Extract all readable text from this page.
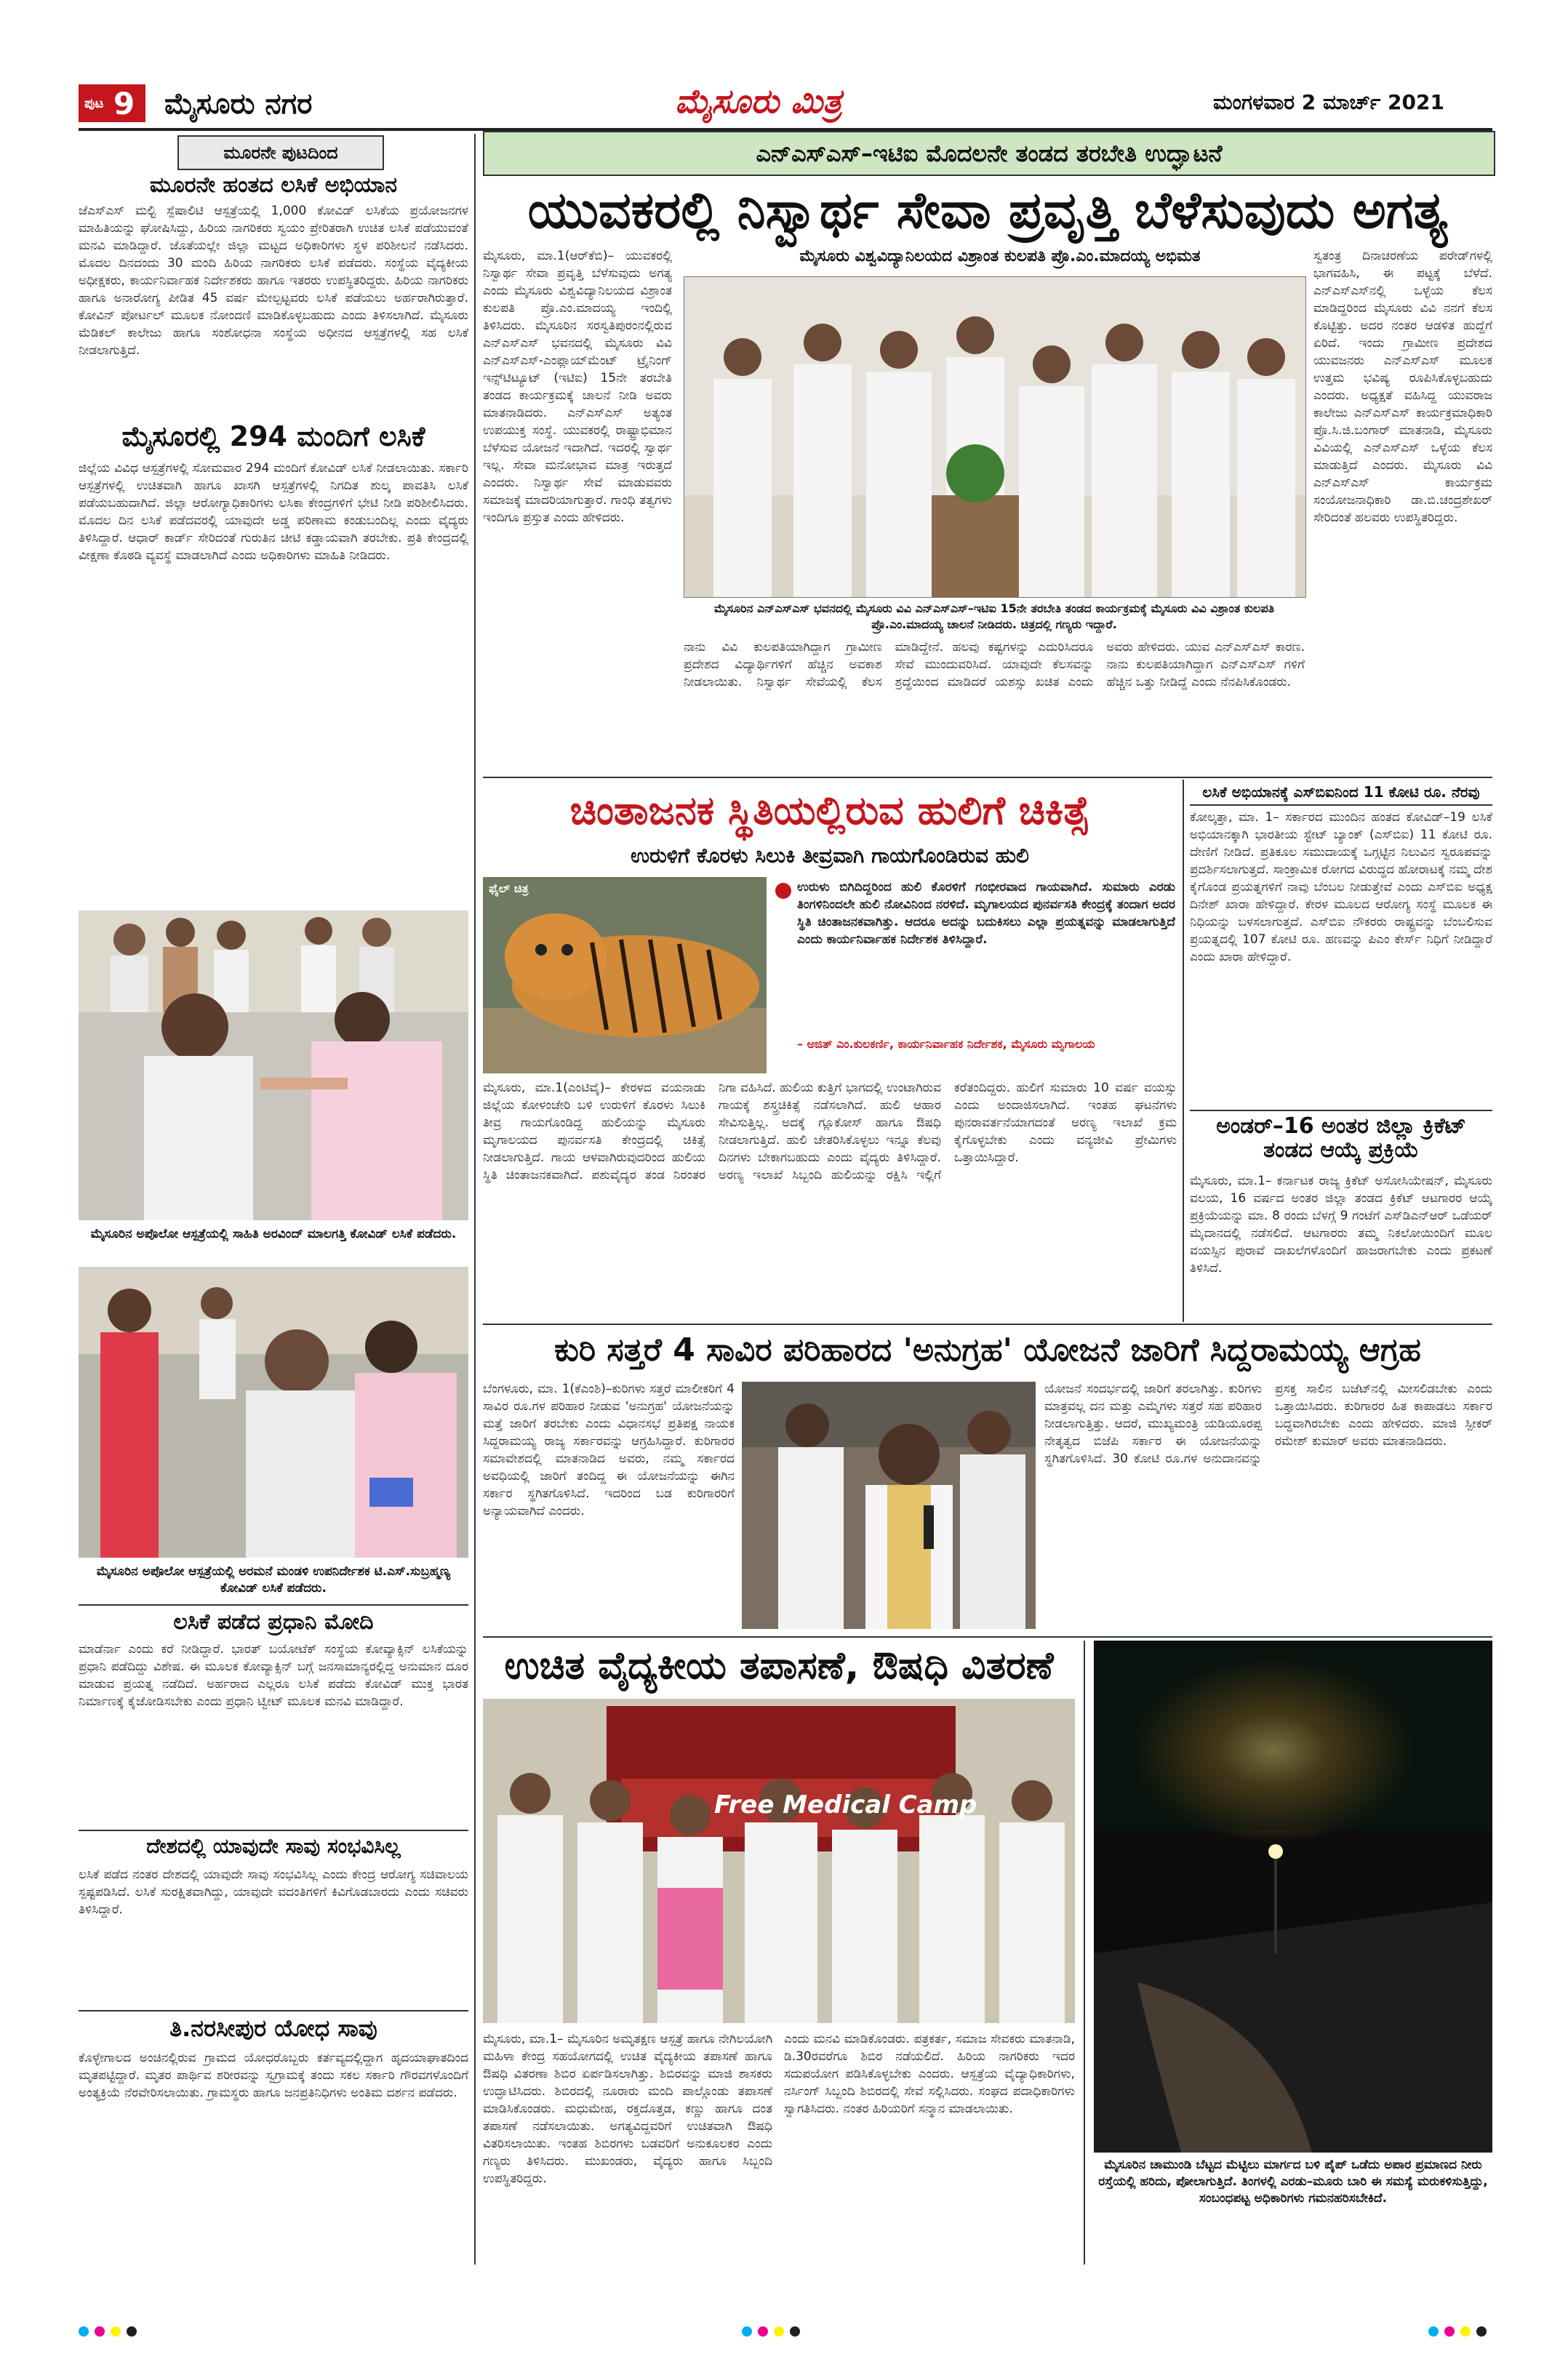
ಪುಟ 9 ಮೈಸೂರು ನಗರ	ಮೈಸೂರು ಮಿತ್ರ	ಮಂಗಳವಾರ 2 ಮಾರ್ಚ್ 2021
ಮೂರನೇ ಪುಟದಿಂದ
ಮೂರನೇ ಹಂತದ ಲಸಿಕೆ ಅಭಿಯಾನ
ಜೆಎಸ್‌ಎಸ್ ಮಲ್ಟಿ ಸ್ಪೆಷಾಲಿಟಿ ಆಸ್ಪತ್ರೆಯಲ್ಲಿ 1,000 ಕೋವಿಡ್ ಲಸಿಕೆಯ ಪ್ರಯೋಜನಗಳ ಮಾಹಿತಿಯನ್ನು ಘೋಷಿಸಿದ್ದು, ಹಿರಿಯ ನಾಗರಿಕರು ಸ್ವಯಂ ಪ್ರೇರಿತರಾಗಿ ಉಚಿತ ಲಸಿಕೆ ಪಡೆಯುವಂತೆ ಮನವಿ ಮಾಡಿದ್ದಾರೆ. ಜೊತೆಯಲ್ಲೇ ಜಿಲ್ಲಾ ಮಟ್ಟದ ಅಧಿಕಾರಿಗಳು ಸ್ಥಳ ಪರಿಶೀಲನೆ ನಡೆಸಿದರು. ಮೊದಲ ದಿನದಂದು 30 ಮಂದಿ ಹಿರಿಯ ನಾಗರಿಕರು ಲಸಿಕೆ ಪಡೆದರು. ಸಂಸ್ಥೆಯ ವೈದ್ಯಕೀಯ ಅಧೀಕ್ಷಕರು, ಕಾರ್ಯನಿರ್ವಾಹಕ ನಿರ್ದೇಶಕರು ಹಾಗೂ ಇತರರು ಉಪಸ್ಥಿತರಿದ್ದರು. ಹಿರಿಯ ನಾಗರಿಕರು ಹಾಗೂ ಅನಾರೋಗ್ಯ ಪೀಡಿತ 45 ವರ್ಷ ಮೇಲ್ಪಟ್ಟವರು ಲಸಿಕೆ ಪಡೆಯಲು ಅರ್ಹರಾಗಿರುತ್ತಾರೆ. ಕೋವಿನ್ ಪೋರ್ಟಲ್ ಮೂಲಕ ನೋಂದಣಿ ಮಾಡಿಕೊಳ್ಳಬಹುದು ಎಂದು ತಿಳಿಸಲಾಗಿದೆ. ಮೈಸೂರು ಮೆಡಿಕಲ್ ಕಾಲೇಜು ಹಾಗೂ ಸಂಶೋಧನಾ ಸಂಸ್ಥೆಯ ಅಧೀನದ ಆಸ್ಪತ್ರೆಗಳಲ್ಲಿ ಸಹ ಲಸಿಕೆ ನೀಡಲಾಗುತ್ತಿದೆ.
ಮೈಸೂರಲ್ಲಿ 294 ಮಂದಿಗೆ ಲಸಿಕೆ
ಜಿಲ್ಲೆಯ ವಿವಿಧ ಆಸ್ಪತ್ರೆಗಳಲ್ಲಿ ಸೋಮವಾರ 294 ಮಂದಿಗೆ ಕೋವಿಡ್ ಲಸಿಕೆ ನೀಡಲಾಯಿತು. ಸರ್ಕಾರಿ ಆಸ್ಪತ್ರೆಗಳಲ್ಲಿ ಉಚಿತವಾಗಿ ಹಾಗೂ ಖಾಸಗಿ ಆಸ್ಪತ್ರೆಗಳಲ್ಲಿ ನಿಗದಿತ ಶುಲ್ಕ ಪಾವತಿಸಿ ಲಸಿಕೆ ಪಡೆಯಬಹುದಾಗಿದೆ. ಜಿಲ್ಲಾ ಆರೋಗ್ಯಾಧಿಕಾರಿಗಳು ಲಸಿಕಾ ಕೇಂದ್ರಗಳಿಗೆ ಭೇಟಿ ನೀಡಿ ಪರಿಶೀಲಿಸಿದರು. ಮೊದಲ ದಿನ ಲಸಿಕೆ ಪಡೆದವರಲ್ಲಿ ಯಾವುದೇ ಅಡ್ಡ ಪರಿಣಾಮ ಕಂಡುಬಂದಿಲ್ಲ ಎಂದು ವೈದ್ಯರು ತಿಳಿಸಿದ್ದಾರೆ. ಆಧಾರ್ ಕಾರ್ಡ್ ಸೇರಿದಂತೆ ಗುರುತಿನ ಚೀಟಿ ಕಡ್ಡಾಯವಾಗಿ ತರಬೇಕು. ಪ್ರತಿ ಕೇಂದ್ರದಲ್ಲಿ ವೀಕ್ಷಣಾ ಕೊಠಡಿ ವ್ಯವಸ್ಥೆ ಮಾಡಲಾಗಿದೆ ಎಂದು ಅಧಿಕಾರಿಗಳು ಮಾಹಿತಿ ನೀಡಿದರು.
ಮೈಸೂರಿನ ಅಪೊಲೋ ಆಸ್ಪತ್ರೆಯಲ್ಲಿ ಸಾಹಿತಿ ಅರವಿಂದ್ ಮಾಲಗತ್ತಿ ಕೋವಿಡ್ ಲಸಿಕೆ ಪಡೆದರು.
ಮೈಸೂರಿನ ಅಪೊಲೋ ಆಸ್ಪತ್ರೆಯಲ್ಲಿ ಅರಮನೆ ಮಂಡಳಿ ಉಪನಿರ್ದೇಶಕ ಟಿ.ಎಸ್.ಸುಬ್ರಹ್ಮಣ್ಯ ಕೋವಿಡ್ ಲಸಿಕೆ ಪಡೆದರು.
ಲಸಿಕೆ ಪಡೆದ ಪ್ರಧಾನಿ ಮೋದಿ
ಮಾಡೆರ್ನಾ ಎಂದು ಕರೆ ನೀಡಿದ್ದಾರೆ. ಭಾರತ್ ಬಯೋಟೆಕ್ ಸಂಸ್ಥೆಯ ಕೋವ್ಯಾಕ್ಸಿನ್ ಲಸಿಕೆಯನ್ನು ಪ್ರಧಾನಿ ಪಡೆದಿದ್ದು ವಿಶೇಷ. ಈ ಮೂಲಕ ಕೋವ್ಯಾಕ್ಸಿನ್ ಬಗ್ಗೆ ಜನಸಾಮಾನ್ಯರಲ್ಲಿದ್ದ ಅನುಮಾನ ದೂರ ಮಾಡುವ ಪ್ರಯತ್ನ ನಡೆದಿದೆ. ಅರ್ಹರಾದ ಎಲ್ಲರೂ ಲಸಿಕೆ ಪಡೆದು ಕೋವಿಡ್ ಮುಕ್ತ ಭಾರತ ನಿರ್ಮಾಣಕ್ಕೆ ಕೈಜೋಡಿಸಬೇಕು ಎಂದು ಪ್ರಧಾನಿ ಟ್ವೀಟ್ ಮೂಲಕ ಮನವಿ ಮಾಡಿದ್ದಾರೆ.
ದೇಶದಲ್ಲಿ ಯಾವುದೇ ಸಾವು ಸಂಭವಿಸಿಲ್ಲ
ಲಸಿಕೆ ಪಡೆದ ನಂತರ ದೇಶದಲ್ಲಿ ಯಾವುದೇ ಸಾವು ಸಂಭವಿಸಿಲ್ಲ ಎಂದು ಕೇಂದ್ರ ಆರೋಗ್ಯ ಸಚಿವಾಲಯ ಸ್ಪಷ್ಟಪಡಿಸಿದೆ. ಲಸಿಕೆ ಸುರಕ್ಷಿತವಾಗಿದ್ದು, ಯಾವುದೇ ವದಂತಿಗಳಿಗೆ ಕಿವಿಗೊಡಬಾರದು ಎಂದು ಸಚಿವರು ತಿಳಿಸಿದ್ದಾರೆ.
ತಿ.ನರಸೀಪುರ ಯೋಧ ಸಾವು
ಕೊಳ್ಳೇಗಾಲದ ಅಂಚಿನಲ್ಲಿರುವ ಗ್ರಾಮದ ಯೋಧರೊಬ್ಬರು ಕರ್ತವ್ಯದಲ್ಲಿದ್ದಾಗ ಹೃದಯಾಘಾತದಿಂದ ಮೃತಪಟ್ಟಿದ್ದಾರೆ. ಮೃತರ ಪಾರ್ಥಿವ ಶರೀರವನ್ನು ಸ್ವಗ್ರಾಮಕ್ಕೆ ತಂದು ಸಕಲ ಸರ್ಕಾರಿ ಗೌರವಗಳೊಂದಿಗೆ ಅಂತ್ಯಕ್ರಿಯೆ ನೆರವೇರಿಸಲಾಯಿತು. ಗ್ರಾಮಸ್ಥರು ಹಾಗೂ ಜನಪ್ರತಿನಿಧಿಗಳು ಅಂತಿಮ ದರ್ಶನ ಪಡೆದರು.
ಎನ್‌ಎಸ್‌ಎಸ್–ಇಟಿಐ ಮೊದಲನೇ ತಂಡದ ತರಬೇತಿ ಉದ್ಘಾಟನೆ
ಯುವಕರಲ್ಲಿ ನಿಸ್ವಾರ್ಥ ಸೇವಾ ಪ್ರವೃತ್ತಿ ಬೆಳೆಸುವುದು ಅಗತ್ಯ
ಮೈಸೂರು ವಿಶ್ವವಿದ್ಯಾನಿಲಯದ ವಿಶ್ರಾಂತ ಕುಲಪತಿ ಪ್ರೊ.ಎಂ.ಮಾದಯ್ಯ ಅಭಿಮತ
ಮೈಸೂರು, ಮಾ.1(ಆರ್‌ಕೆಬಿ)– ಯುವಕರಲ್ಲಿ ನಿಸ್ವಾರ್ಥ ಸೇವಾ ಪ್ರವೃತ್ತಿ ಬೆಳೆಸುವುದು ಅಗತ್ಯ ಎಂದು ಮೈಸೂರು ವಿಶ್ವವಿದ್ಯಾನಿಲಯದ ವಿಶ್ರಾಂತ ಕುಲಪತಿ ಪ್ರೊ.ಎಂ.ಮಾದಯ್ಯ ಇಂದಿಲ್ಲಿ ತಿಳಿಸಿದರು. ಮೈಸೂರಿನ ಸರಸ್ವತಿಪುರಂನಲ್ಲಿರುವ ಎನ್‌ಎಸ್‌ಎಸ್ ಭವನದಲ್ಲಿ ಮೈಸೂರು ವಿವಿ ಎನ್‌ಎಸ್‌ಎಸ್-ಎಂಪ್ಲಾಯ್‌ಮೆಂಟ್ ಟ್ರೈನಿಂಗ್ ಇನ್ಸ್‌ಟಿಟ್ಯೂಟ್ (ಇಟಿಐ) 15ನೇ ತರಬೇತಿ ತಂಡದ ಕಾರ್ಯಕ್ರಮಕ್ಕೆ ಚಾಲನೆ ನೀಡಿ ಅವರು ಮಾತನಾಡಿದರು. ಎನ್‌ಎಸ್‌ಎಸ್ ಅತ್ಯಂತ ಉಪಯುಕ್ತ ಸಂಸ್ಥೆ. ಯುವಕರಲ್ಲಿ ರಾಷ್ಟ್ರಾಭಿಮಾನ ಬೆಳೆಸುವ ಯೋಜನೆ ಇದಾಗಿದೆ. ಇದರಲ್ಲಿ ಸ್ವಾರ್ಥ ಇಲ್ಲ. ಸೇವಾ ಮನೋಭಾವ ಮಾತ್ರ ಇರುತ್ತದೆ ಎಂದರು. ನಿಸ್ವಾರ್ಥ ಸೇವೆ ಮಾಡುವವರು ಸಮಾಜಕ್ಕೆ ಮಾದರಿಯಾಗುತ್ತಾರೆ. ಗಾಂಧಿ ತತ್ವಗಳು ಇಂದಿಗೂ ಪ್ರಸ್ತುತ ಎಂದು ಹೇಳಿದರು.
ಮೈಸೂರಿನ ಎನ್‌ಎಸ್‌ಎಸ್ ಭವನದಲ್ಲಿ ಮೈಸೂರು ವಿವಿ ಎನ್‌ಎಸ್‌ಎಸ್–ಇಟಿಐ 15ನೇ ತರಬೇತಿ ತಂಡದ ಕಾರ್ಯಕ್ರಮಕ್ಕೆ ಮೈಸೂರು ವಿವಿ ವಿಶ್ರಾಂತ ಕುಲಪತಿ ಪ್ರೊ.ಎಂ.ಮಾದಯ್ಯ ಚಾಲನೆ ನೀಡಿದರು. ಚಿತ್ರದಲ್ಲಿ ಗಣ್ಯರು ಇದ್ದಾರೆ.
ನಾನು ವಿವಿ ಕುಲಪತಿಯಾಗಿದ್ದಾಗ ಗ್ರಾಮೀಣ ಪ್ರದೇಶದ ವಿದ್ಯಾರ್ಥಿಗಳಿಗೆ ಹೆಚ್ಚಿನ ಅವಕಾಶ ನೀಡಲಾಯಿತು. ನಿಸ್ವಾರ್ಥ ಸೇವೆಯಲ್ಲಿ ಕೆಲಸ ಮಾಡಿದ್ದೇನೆ. ಹಲವು ಕಷ್ಟಗಳನ್ನು ಎದುರಿಸಿದರೂ ಸೇವೆ ಮುಂದುವರಿಸಿದೆ. ಯಾವುದೇ ಕೆಲಸವನ್ನು ಶ್ರದ್ಧೆಯಿಂದ ಮಾಡಿದರೆ ಯಶಸ್ಸು ಖಚಿತ ಎಂದು ಅವರು ಹೇಳಿದರು. ಯುವ ಎನ್‌ಎಸ್‌ಎಸ್ ಕಾರಣ. ನಾನು ಕುಲಪತಿಯಾಗಿದ್ದಾಗ ಎನ್‌ಎಸ್‌ಎಸ್ ಗಳಿಗೆ ಹೆಚ್ಚಿನ ಒತ್ತು ನೀಡಿದ್ದೆ ಎಂದು ನೆನಪಿಸಿಕೊಂಡರು.
ಸ್ವತಂತ್ರ ದಿನಾಚರಣೆಯ ಪರೇಡ್‌ಗಳಲ್ಲಿ ಭಾಗವಹಿಸಿ, ಈ ಪಟ್ಟಕ್ಕೆ ಬೆಳೆದೆ. ಎನ್‌ಎಸ್‌ಎಸ್‌ನಲ್ಲಿ ಒಳ್ಳೆಯ ಕೆಲಸ ಮಾಡಿದ್ದರಿಂದ ಮೈಸೂರು ವಿವಿ ನನಗೆ ಕೆಲಸ ಕೊಟ್ಟಿತ್ತು. ಅದರ ನಂತರ ಆಡಳಿತ ಹುದ್ದೆಗೆ ಏರಿದೆ. ಇಂದು ಗ್ರಾಮೀಣ ಪ್ರದೇಶದ ಯುವಜನರು ಎನ್‌ಎಸ್‌ಎಸ್ ಮೂಲಕ ಉತ್ತಮ ಭವಿಷ್ಯ ರೂಪಿಸಿಕೊಳ್ಳಬಹುದು ಎಂದರು. ಅಧ್ಯಕ್ಷತೆ ವಹಿಸಿದ್ದ ಯುವರಾಜ ಕಾಲೇಜು ಎನ್‌ಎಸ್‌ಎಸ್ ಕಾರ್ಯಕ್ರಮಾಧಿಕಾರಿ ಪ್ರೊ.ಸಿ.ಜಿ.ಬಂಗಾರ್ ಮಾತನಾಡಿ, ಮೈಸೂರು ವಿವಿಯಲ್ಲಿ ಎನ್‌ಎಸ್‌ಎಸ್ ಒಳ್ಳೆಯ ಕೆಲಸ ಮಾಡುತ್ತಿದೆ ಎಂದರು. ಮೈಸೂರು ವಿವಿ ಎನ್‌ಎಸ್‌ಎಸ್ ಕಾರ್ಯಕ್ರಮ ಸಂಯೋಜನಾಧಿಕಾರಿ ಡಾ.ಬಿ.ಚಂದ್ರಶೇಖರ್ ಸೇರಿದಂತೆ ಹಲವರು ಉಪಸ್ಥಿತರಿದ್ದರು.
ಚಿಂತಾಜನಕ ಸ್ಥಿತಿಯಲ್ಲಿರುವ ಹುಲಿಗೆ ಚಿಕಿತ್ಸೆ
ಉರುಳಿಗೆ ಕೊರಳು ಸಿಲುಕಿ ತೀವ್ರವಾಗಿ ಗಾಯಗೊಂಡಿರುವ ಹುಲಿ
ಫೈಲ್ ಚಿತ್ರ	ಉರುಳು ಬಿಗಿದಿದ್ದರಿಂದ ಹುಲಿ ಕೊರಳಿಗೆ ಗಂಭೀರವಾದ ಗಾಯವಾಗಿದೆ. ಸುಮಾರು ಎರಡು ತಿಂಗಳಿನಿಂದಲೇ ಹುಲಿ ನೋವಿನಿಂದ ನರಳಿದೆ. ಮೃಗಾಲಯದ ಪುನರ್ವಸತಿ ಕೇಂದ್ರಕ್ಕೆ ತಂದಾಗ ಅದರ ಸ್ಥಿತಿ ಚಿಂತಾಜನಕವಾಗಿತ್ತು. ಆದರೂ ಅದನ್ನು ಬದುಕಿಸಲು ಎಲ್ಲಾ ಪ್ರಯತ್ನವನ್ನು ಮಾಡಲಾಗುತ್ತಿದೆ ಎಂದು ಕಾರ್ಯನಿರ್ವಾಹಕ ನಿರ್ದೇಶಕ ತಿಳಿಸಿದ್ದಾರೆ.
– ಅಜಿತ್ ಎಂ.ಕುಲಕರ್ಣಿ, ಕಾರ್ಯನಿರ್ವಾಹಕ ನಿರ್ದೇಶಕ, ಮೈಸೂರು ಮೃಗಾಲಯ
ಮೈಸೂರು, ಮಾ.1(ಎಂಟಿವೈ)– ಕೇರಳದ ವಯನಾಡು ಜಿಲ್ಲೆಯ ಕೋಳಂಚೇರಿ ಬಳಿ ಉರುಳಿಗೆ ಕೊರಳು ಸಿಲುಕಿ ತೀವ್ರ ಗಾಯಗೊಂಡಿದ್ದ ಹುಲಿಯನ್ನು ಮೈಸೂರು ಮೃಗಾಲಯದ ಪುನರ್ವಸತಿ ಕೇಂದ್ರದಲ್ಲಿ ಚಿಕಿತ್ಸೆ ನೀಡಲಾಗುತ್ತಿದೆ. ಗಾಯ ಆಳವಾಗಿರುವುದರಿಂದ ಹುಲಿಯ ಸ್ಥಿತಿ ಚಿಂತಾಜನಕವಾಗಿದೆ. ಪಶುವೈದ್ಯರ ತಂಡ ನಿರಂತರ ನಿಗಾ ವಹಿಸಿದೆ. ಹುಲಿಯ ಕುತ್ತಿಗೆ ಭಾಗದಲ್ಲಿ ಉಂಟಾಗಿರುವ ಗಾಯಕ್ಕೆ ಶಸ್ತ್ರಚಿಕಿತ್ಸೆ ನಡೆಸಲಾಗಿದೆ. ಹುಲಿ ಆಹಾರ ಸೇವಿಸುತ್ತಿಲ್ಲ. ಅದಕ್ಕೆ ಗ್ಲೂಕೋಸ್ ಹಾಗೂ ಔಷಧಿ ನೀಡಲಾಗುತ್ತಿದೆ. ಹುಲಿ ಚೇತರಿಸಿಕೊಳ್ಳಲು ಇನ್ನೂ ಕೆಲವು ದಿನಗಳು ಬೇಕಾಗಬಹುದು ಎಂದು ವೈದ್ಯರು ತಿಳಿಸಿದ್ದಾರೆ. ಅರಣ್ಯ ಇಲಾಖೆ ಸಿಬ್ಬಂದಿ ಹುಲಿಯನ್ನು ರಕ್ಷಿಸಿ ಇಲ್ಲಿಗೆ ಕರೆತಂದಿದ್ದರು. ಹುಲಿಗೆ ಸುಮಾರು 10 ವರ್ಷ ವಯಸ್ಸು ಎಂದು ಅಂದಾಜಿಸಲಾಗಿದೆ. ಇಂತಹ ಘಟನೆಗಳು ಪುನರಾವರ್ತನೆಯಾಗದಂತೆ ಅರಣ್ಯ ಇಲಾಖೆ ಕ್ರಮ ಕೈಗೊಳ್ಳಬೇಕು ಎಂದು ವನ್ಯಜೀವಿ ಪ್ರೇಮಿಗಳು ಒತ್ತಾಯಿಸಿದ್ದಾರೆ.
ಲಸಿಕೆ ಅಭಿಯಾನಕ್ಕೆ ಎಸ್‌ಬಿಐನಿಂದ 11 ಕೋಟಿ ರೂ. ನೆರವು
ಕೋಲ್ಕತ್ತಾ, ಮಾ. 1– ಸರ್ಕಾರದ ಮುಂದಿನ ಹಂತದ ಕೋವಿಡ್–19 ಲಸಿಕೆ ಅಭಿಯಾನಕ್ಕಾಗಿ ಭಾರತೀಯ ಸ್ಟೇಟ್ ಬ್ಯಾಂಕ್ (ಎಸ್‌ಬಿಐ) 11 ಕೋಟಿ ರೂ. ದೇಣಿಗೆ ನೀಡಿದೆ. ಪ್ರತಿಕೂಲ ಸಮುದಾಯಕ್ಕೆ ಒಗ್ಗಟ್ಟಿನ ನಿಲುವಿನ ಸ್ವರೂಪವನ್ನು ಪ್ರದರ್ಶಿಸಲಾಗುತ್ತದೆ. ಸಾಂಕ್ರಾಮಿಕ ರೋಗದ ವಿರುದ್ಧದ ಹೋರಾಟಕ್ಕೆ ನಮ್ಮ ದೇಶ ಕೈಗೊಂಡ ಪ್ರಯತ್ನಗಳಿಗೆ ನಾವು ಬೆಂಬಲ ನೀಡುತ್ತೇವೆ ಎಂದು ಎಸ್‌ಬಿಐ ಅಧ್ಯಕ್ಷ ದಿನೇಶ್ ಖಾರಾ ಹೇಳಿದ್ದಾರೆ. ಕೇರಳ ಮೂಲದ ಆರೋಗ್ಯ ಸಂಸ್ಥೆ ಮೂಲಕ ಈ ನಿಧಿಯನ್ನು ಬಳಸಲಾಗುತ್ತದೆ. ಎಸ್‌ಬಿಐ ನೌಕರರು ರಾಷ್ಟ್ರವನ್ನು ಬೆಂಬಲಿಸುವ ಪ್ರಯತ್ನದಲ್ಲಿ 107 ಕೋಟಿ ರೂ. ಹಣವನ್ನು ಪಿಎಂ ಕೇರ್ಸ್ ನಿಧಿಗೆ ನೀಡಿದ್ದಾರೆ ಎಂದು ಖಾರಾ ಹೇಳಿದ್ದಾರೆ.
ಅಂಡರ್–16 ಅಂತರ ಜಿಲ್ಲಾ ಕ್ರಿಕೆಟ್ ತಂಡದ ಆಯ್ಕೆ ಪ್ರಕ್ರಿಯೆ
ಮೈಸೂರು, ಮಾ.1– ಕರ್ನಾಟಕ ರಾಜ್ಯ ಕ್ರಿಕೆಟ್ ಅಸೋಸಿಯೇಷನ್, ಮೈಸೂರು ವಲಯ, 16 ವರ್ಷದ ಅಂತರ ಜಿಲ್ಲಾ ತಂಡದ ಕ್ರಿಕೆಟ್ ಆಟಗಾರರ ಆಯ್ಕೆ ಪ್ರಕ್ರಿಯೆಯನ್ನು ಮಾ. 8 ರಂದು ಬೆಳಗ್ಗೆ 9 ಗಂಟೆಗೆ ಎಸ್‌ಡಿಎನ್‌ಆರ್ ಒಡೆಯರ್ ಮೈದಾನದಲ್ಲಿ ನಡೆಸಲಿದೆ. ಆಟಗಾರರು ತಮ್ಮ ನಿಕಲೋಯಿಂದಿಗೆ ಮೂಲ ವಯಸ್ಸಿನ ಪುರಾವೆ ದಾಖಲೆಗಳೊಂದಿಗೆ ಹಾಜರಾಗಬೇಕು ಎಂದು ಪ್ರಕಟಣೆ ತಿಳಿಸಿದೆ.
ಕುರಿ ಸತ್ತರೆ 4 ಸಾವಿರ ಪರಿಹಾರದ 'ಅನುಗ್ರಹ' ಯೋಜನೆ ಜಾರಿಗೆ ಸಿದ್ದರಾಮಯ್ಯ ಆಗ್ರಹ
ಬೆಂಗಳೂರು, ಮಾ. 1(ಕೆಎಂಶಿ)–ಕುರಿಗಳು ಸತ್ತರೆ ಮಾಲೀಕರಿಗೆ 4 ಸಾವಿರ ರೂ.ಗಳ ಪರಿಹಾರ ನೀಡುವ 'ಅನುಗ್ರಹ' ಯೋಜನೆಯನ್ನು ಮತ್ತೆ ಜಾರಿಗೆ ತರಬೇಕು ಎಂದು ವಿಧಾನಸಭೆ ಪ್ರತಿಪಕ್ಷ ನಾಯಕ ಸಿದ್ದರಾಮಯ್ಯ ರಾಜ್ಯ ಸರ್ಕಾರವನ್ನು ಆಗ್ರಹಿಸಿದ್ದಾರೆ. ಕುರಿಗಾರರ ಸಮಾವೇಶದಲ್ಲಿ ಮಾತನಾಡಿದ ಅವರು, ನಮ್ಮ ಸರ್ಕಾರದ ಅವಧಿಯಲ್ಲಿ ಜಾರಿಗೆ ತಂದಿದ್ದ ಈ ಯೋಜನೆಯನ್ನು ಈಗಿನ ಸರ್ಕಾರ ಸ್ಥಗಿತಗೊಳಿಸಿದೆ. ಇದರಿಂದ ಬಡ ಕುರಿಗಾರರಿಗೆ ಅನ್ಯಾಯವಾಗಿದೆ ಎಂದರು.
ಯೋಜನೆ ಸಂದರ್ಭದಲ್ಲಿ ಜಾರಿಗೆ ತರಲಾಗಿತ್ತು. ಕುರಿಗಳು ಮಾತ್ರವಲ್ಲ ದನ ಮತ್ತು ಎಮ್ಮೆಗಳು ಸತ್ತರೆ ಸಹ ಪರಿಹಾರ ನೀಡಲಾಗುತ್ತಿತ್ತು. ಆದರೆ, ಮುಖ್ಯಮಂತ್ರಿ ಯಡಿಯೂರಪ್ಪ ನೇತೃತ್ವದ ಬಿಜೆಪಿ ಸರ್ಕಾರ ಈ ಯೋಜನೆಯನ್ನು ಸ್ಥಗಿತಗೊಳಿಸಿದೆ. 30 ಕೋಟಿ ರೂ.ಗಳ ಅನುದಾನವನ್ನು ಪ್ರಸಕ್ತ ಸಾಲಿನ ಬಜೆಟ್‌ನಲ್ಲಿ ಮೀಸಲಿಡಬೇಕು ಎಂದು ಒತ್ತಾಯಿಸಿದರು. ಕುರಿಗಾರರ ಹಿತ ಕಾಪಾಡಲು ಸರ್ಕಾರ ಬದ್ಧವಾಗಿರಬೇಕು ಎಂದು ಹೇಳಿದರು. ಮಾಜಿ ಸ್ಪೀಕರ್ ರಮೇಶ್ ಕುಮಾರ್ ಅವರು ಮಾತನಾಡಿದರು.
ಉಚಿತ ವೈದ್ಯಕೀಯ ತಪಾಸಣೆ, ಔಷಧಿ ವಿತರಣೆ
Free Medical Camp
ಮೈಸೂರು, ಮಾ.1– ಮೈಸೂರಿನ ಅಮೃತಕ್ಷಣ ಆಸ್ಪತ್ರೆ ಹಾಗೂ ನೇಗಿಲಯೋಗಿ ಮಹಿಳಾ ಕೇಂದ್ರ ಸಹಯೋಗದಲ್ಲಿ ಉಚಿತ ವೈದ್ಯಕೀಯ ತಪಾಸಣೆ ಹಾಗೂ ಔಷಧಿ ವಿತರಣಾ ಶಿಬಿರ ಏರ್ಪಡಿಸಲಾಗಿತ್ತು. ಶಿಬಿರವನ್ನು ಮಾಜಿ ಶಾಸಕರು ಉದ್ಘಾಟಿಸಿದರು. ಶಿಬಿರದಲ್ಲಿ ನೂರಾರು ಮಂದಿ ಪಾಲ್ಗೊಂಡು ತಪಾಸಣೆ ಮಾಡಿಸಿಕೊಂಡರು. ಮಧುಮೇಹ, ರಕ್ತದೊತ್ತಡ, ಕಣ್ಣು ಹಾಗೂ ದಂತ ತಪಾಸಣೆ ನಡೆಸಲಾಯಿತು. ಅಗತ್ಯವಿದ್ದವರಿಗೆ ಉಚಿತವಾಗಿ ಔಷಧಿ ವಿತರಿಸಲಾಯಿತು. ಇಂತಹ ಶಿಬಿರಗಳು ಬಡವರಿಗೆ ಅನುಕೂಲಕರ ಎಂದು ಗಣ್ಯರು ತಿಳಿಸಿದರು. ಮುಖಂಡರು, ವೈದ್ಯರು ಹಾಗೂ ಸಿಬ್ಬಂದಿ ಉಪಸ್ಥಿತರಿದ್ದರು.
ಎಂದು ಮನವಿ ಮಾಡಿಕೊಂಡರು. ಪತ್ರಕರ್ತ, ಸಮಾಜ ಸೇವಕರು ಮಾತನಾಡಿ, ಡಿ.30ರವರೆಗೂ ಶಿಬಿರ ನಡೆಯಲಿದೆ. ಹಿರಿಯ ನಾಗರಿಕರು ಇದರ ಸದುಪಯೋಗ ಪಡಿಸಿಕೊಳ್ಳಬೇಕು ಎಂದರು. ಆಸ್ಪತ್ರೆಯ ವೈದ್ಯಾಧಿಕಾರಿಗಳು, ನರ್ಸಿಂಗ್ ಸಿಬ್ಬಂದಿ ಶಿಬಿರದಲ್ಲಿ ಸೇವೆ ಸಲ್ಲಿಸಿದರು. ಸಂಘದ ಪದಾಧಿಕಾರಿಗಳು ಸ್ವಾಗತಿಸಿದರು. ನಂತರ ಹಿರಿಯರಿಗೆ ಸನ್ಮಾನ ಮಾಡಲಾಯಿತು.
ಮೈಸೂರಿನ ಚಾಮುಂಡಿ ಬೆಟ್ಟದ ಮೆಟ್ಟಿಲು ಮಾರ್ಗದ ಬಳಿ ಪೈಪ್ ಒಡೆದು ಅಪಾರ ಪ್ರಮಾಣದ ನೀರು ರಸ್ತೆಯಲ್ಲಿ ಹರಿದು, ಪೋಲಾಗುತ್ತಿದೆ. ತಿಂಗಳಲ್ಲಿ ಎರಡು–ಮೂರು ಬಾರಿ ಈ ಸಮಸ್ಯೆ ಮರುಕಳಿಸುತ್ತಿದ್ದು, ಸಂಬಂಧಪಟ್ಟ ಅಧಿಕಾರಿಗಳು ಗಮನಹರಿಸಬೇಕಿದೆ.
